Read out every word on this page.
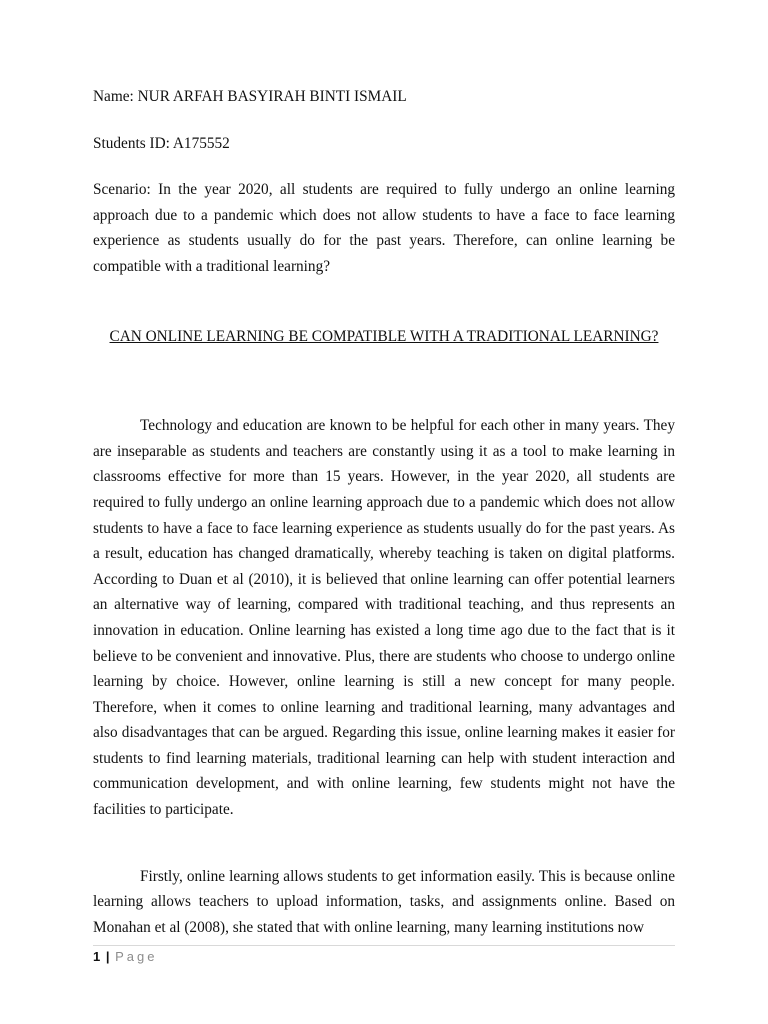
Name: NUR ARFAH BASYIRAH BINTI ISMAIL

Students ID: A175552

Scenario: In the year 2020, all students are required to fully undergo an online learning approach due to a pandemic which does not allow students to have a face to face learning experience as students usually do for the past years. Therefore, can online learning be compatible with a traditional learning?

CAN ONLINE LEARNING BE COMPATIBLE WITH A TRADITIONAL LEARNING?

Technology and education are known to be helpful for each other in many years. They are inseparable as students and teachers are constantly using it as a tool to make learning in classrooms effective for more than 15 years. However, in the year 2020, all students are required to fully undergo an online learning approach due to a pandemic which does not allow students to have a face to face learning experience as students usually do for the past years. As a result, education has changed dramatically, whereby teaching is taken on digital platforms. According to Duan et al (2010), it is believed that online learning can offer potential learners an alternative way of learning, compared with traditional teaching, and thus represents an innovation in education. Online learning has existed a long time ago due to the fact that is it believe to be convenient and innovative. Plus, there are students who choose to undergo online learning by choice. However, online learning is still a new concept for many people. Therefore, when it comes to online learning and traditional learning, many advantages and also disadvantages that can be argued. Regarding this issue, online learning makes it easier for students to find learning materials, traditional learning can help with student interaction and communication development, and with online learning, few students might not have the facilities to participate.

Firstly, online learning allows students to get information easily. This is because online learning allows teachers to upload information, tasks, and assignments online. Based on Monahan et al (2008), she stated that with online learning, many learning institutions now

1 | Page
